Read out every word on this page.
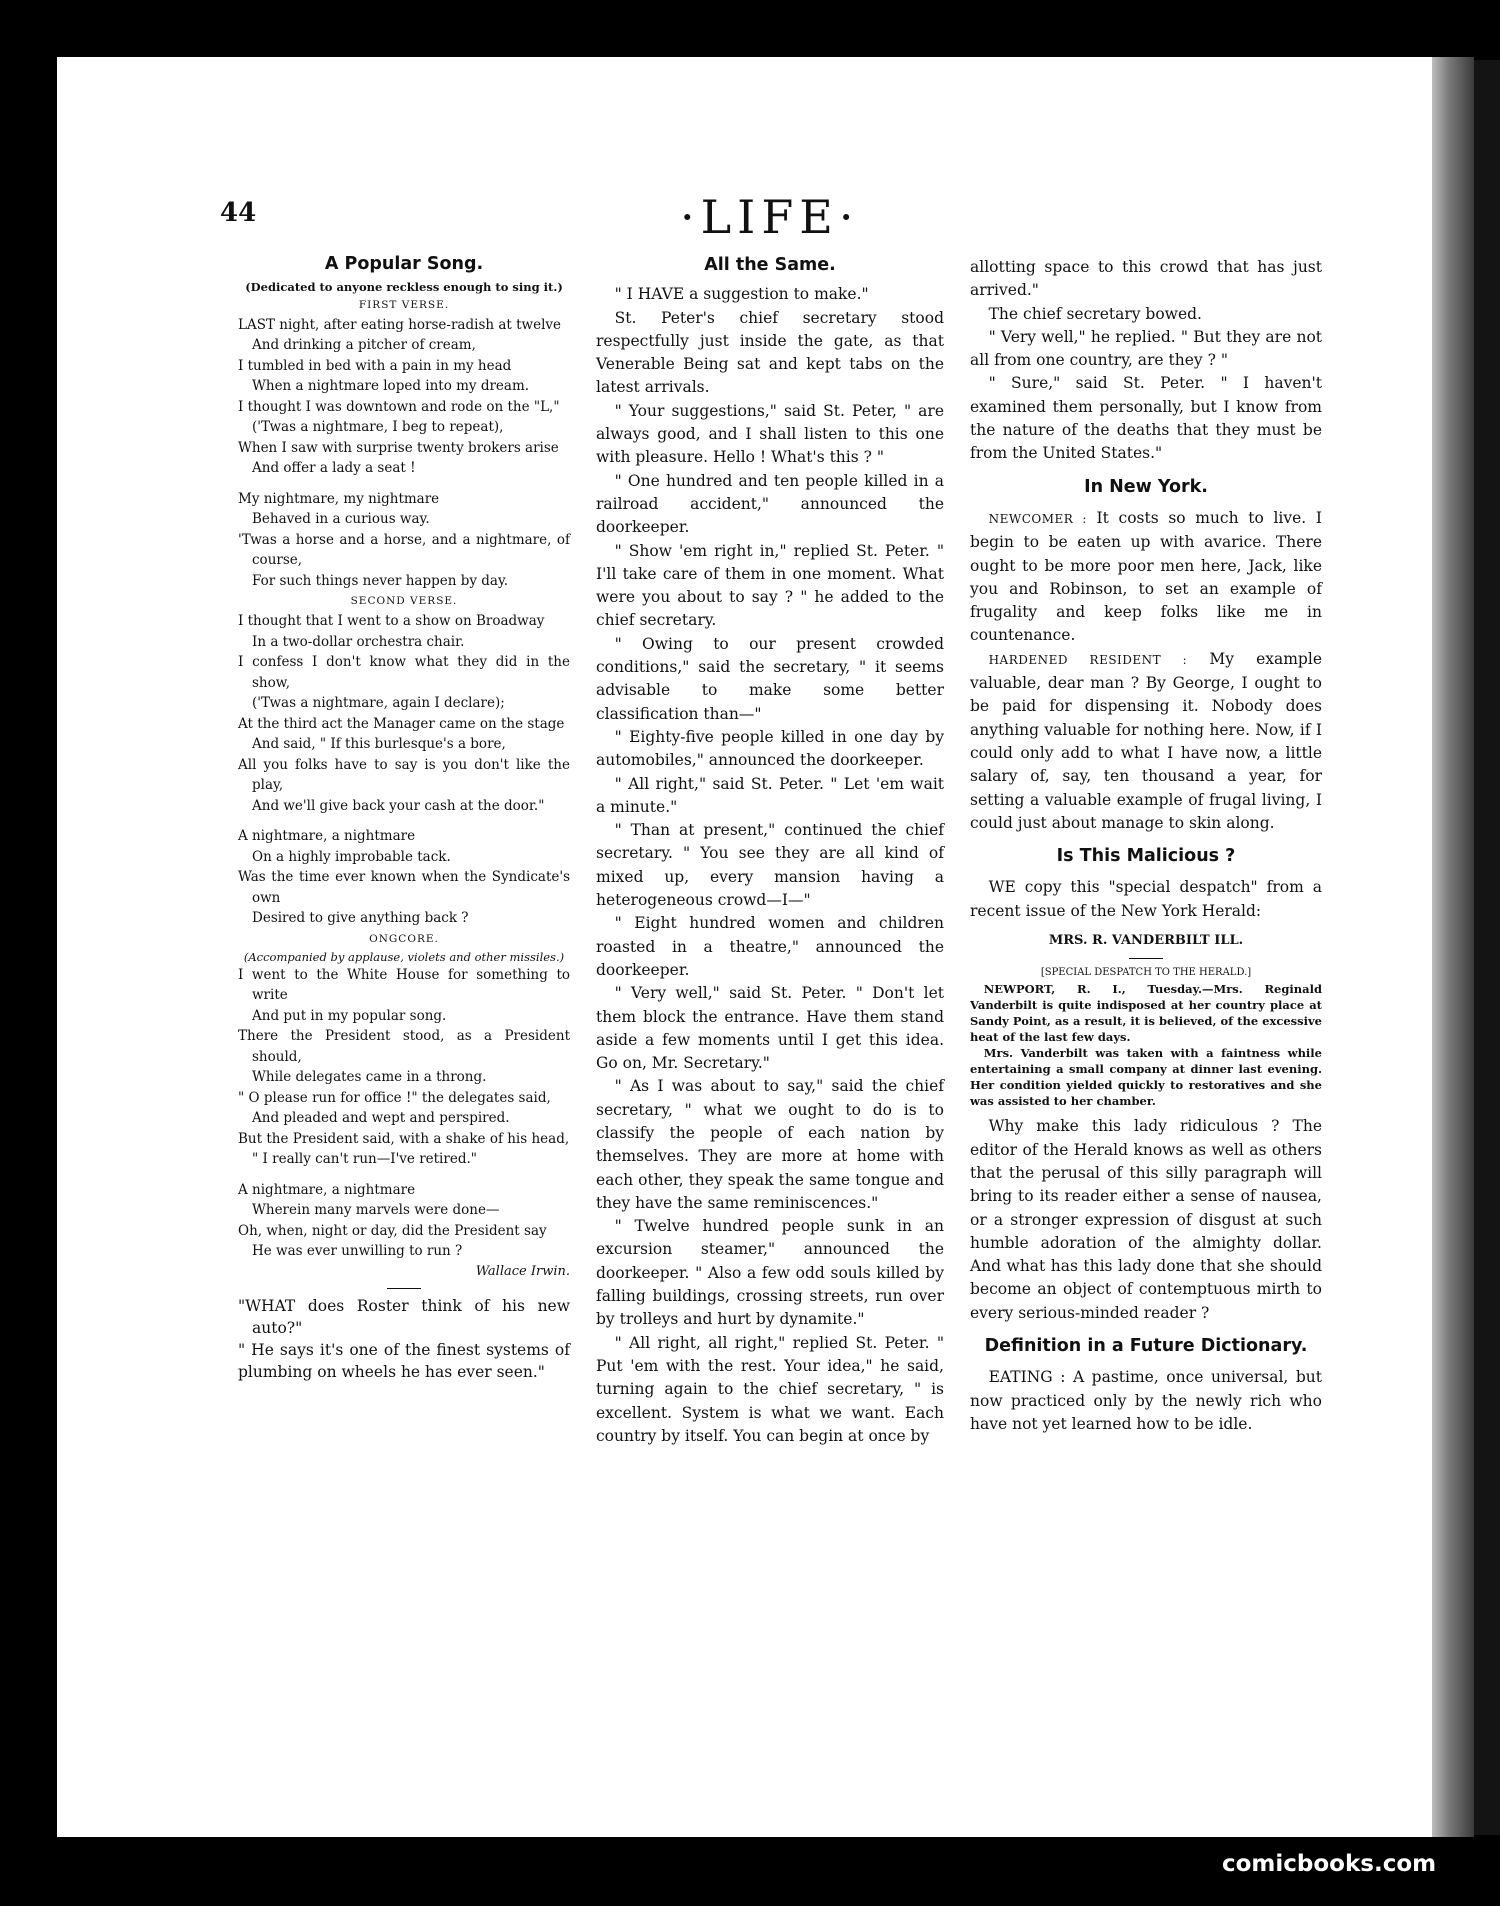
44	·LIFE·
A Popular Song.
(Dedicated to anyone reckless enough to sing it.)
FIRST VERSE.

LAST night, after eating horse-radish at twelve

And drinking a pitcher of cream,

I tumbled in bed with a pain in my head

When a nightmare loped into my dream.

I thought I was downtown and rode on the "L,"

('Twas a nightmare, I beg to repeat),

When I saw with surprise twenty brokers arise

And offer a lady a seat !

My nightmare, my nightmare

Behaved in a curious way.

'Twas a horse and a horse, and a nightmare, of course,

For such things never happen by day.

SECOND VERSE.

I thought that I went to a show on Broadway

In a two-dollar orchestra chair.

I confess I don't know what they did in the show,

('Twas a nightmare, again I declare);

At the third act the Manager came on the stage

And said, " If this burlesque's a bore,

All you folks have to say is you don't like the play,

And we'll give back your cash at the door."

A nightmare, a nightmare

On a highly improbable tack.

Was the time ever known when the Syndicate's own

Desired to give anything back ?

ONGCORE.
(Accompanied by applause, violets and other missiles.)

I went to the White House for something to write

And put in my popular song.

There the President stood, as a President should,

While delegates came in a throng.

" O please run for office !" the delegates said,

And pleaded and wept and perspired.

But the President said, with a shake of his head,

" I really can't run—I've retired."

A nightmare, a nightmare

Wherein many marvels were done—

Oh, when, night or day, did the President say

He was ever unwilling to run ?

Wallace Irwin.

"WHAT does Roster think of his new auto?"

" He says it's one of the finest systems of plumbing on wheels he has ever seen."

All the Same.

" I HAVE a suggestion to make."

St. Peter's chief secretary stood respectfully just inside the gate, as that Venerable Being sat and kept tabs on the latest arrivals.

" Your suggestions," said St. Peter, " are always good, and I shall listen to this one with pleasure. Hello ! What's this ? "

" One hundred and ten people killed in a railroad accident," announced the doorkeeper.

" Show 'em right in," replied St. Peter. " I'll take care of them in one moment. What were you about to say ? " he added to the chief secretary.

" Owing to our present crowded conditions," said the secretary, " it seems advisable to make some better classification than—"

" Eighty-five people killed in one day by automobiles," announced the doorkeeper.

" All right," said St. Peter. " Let 'em wait a minute."

" Than at present," continued the chief secretary. " You see they are all kind of mixed up, every mansion having a heterogeneous crowd—I—"

" Eight hundred women and children roasted in a theatre," announced the doorkeeper.

" Very well," said St. Peter. " Don't let them block the entrance. Have them stand aside a few moments until I get this idea. Go on, Mr. Secretary."

" As I was about to say," said the chief secretary, " what we ought to do is to classify the people of each nation by themselves. They are more at home with each other, they speak the same tongue and they have the same reminiscences."

" Twelve hundred people sunk in an excursion steamer," announced the doorkeeper. " Also a few odd souls killed by falling buildings, crossing streets, run over by trolleys and hurt by dynamite."

" All right, all right," replied St. Peter. " Put 'em with the rest. Your idea," he said, turning again to the chief secretary, " is excellent. System is what we want. Each country by itself. You can begin at once by

allotting space to this crowd that has just arrived."

The chief secretary bowed.

" Very well," he replied. " But they are not all from one country, are they ? "

" Sure," said St. Peter. " I haven't examined them personally, but I know from the nature of the deaths that they must be from the United States."

In New York.

NEWCOMER : It costs so much to live. I begin to be eaten up with avarice. There ought to be more poor men here, Jack, like you and Robinson, to set an example of frugality and keep folks like me in countenance.

HARDENED RESIDENT : My example valuable, dear man ? By George, I ought to be paid for dispensing it. Nobody does anything valuable for nothing here. Now, if I could only add to what I have now, a little salary of, say, ten thousand a year, for setting a valuable example of frugal living, I could just about manage to skin along.

Is This Malicious ?

WE copy this "special despatch" from a recent issue of the New York Herald:

MRS. R. VANDERBILT ILL.
[SPECIAL DESPATCH TO THE HERALD.]

NEWPORT, R. I., Tuesday.—Mrs. Reginald Vanderbilt is quite indisposed at her country place at Sandy Point, as a result, it is believed, of the excessive heat of the last few days.

Mrs. Vanderbilt was taken with a faintness while entertaining a small company at dinner last evening. Her condition yielded quickly to restoratives and she was assisted to her chamber.

Why make this lady ridiculous ? The editor of the Herald knows as well as others that the perusal of this silly paragraph will bring to its reader either a sense of nausea, or a stronger expression of disgust at such humble adoration of the almighty dollar. And what has this lady done that she should become an object of contemptuous mirth to every serious-minded reader ?

Definition in a Future Dictionary.

EATING : A pastime, once universal, but now practiced only by the newly rich who have not yet learned how to be idle.

comicbooks.com
